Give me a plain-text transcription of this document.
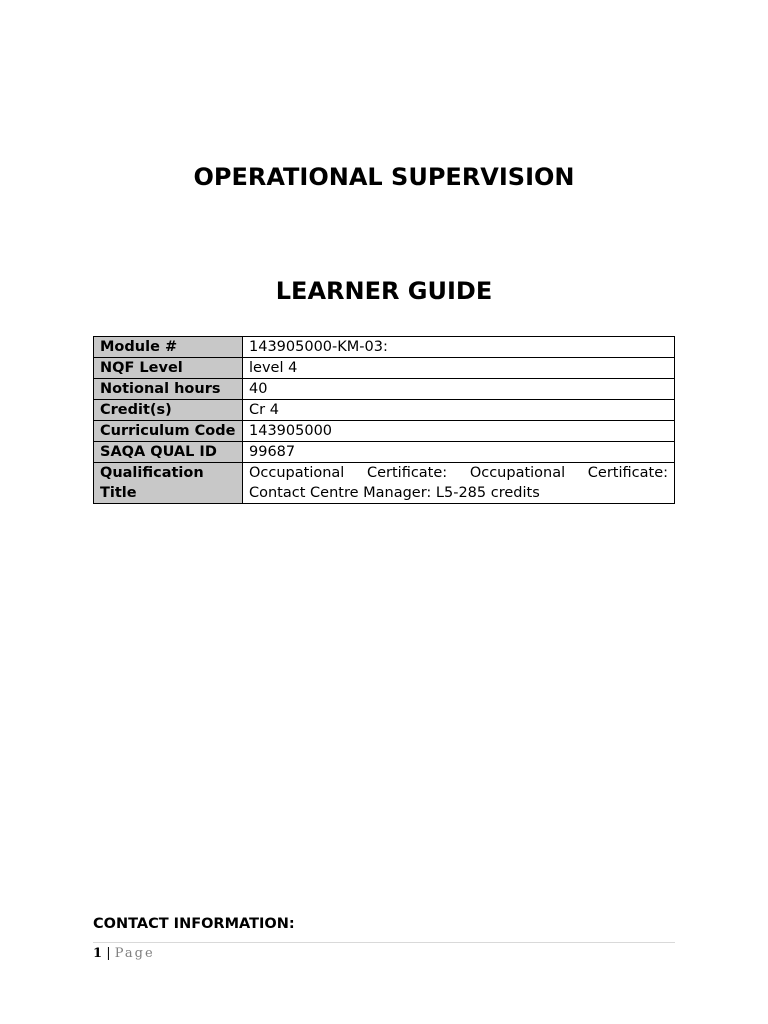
OPERATIONAL SUPERVISION
LEARNER GUIDE
Module #	143905000-KM-03:
NQF Level	level 4
Notional hours	40
Credit(s)	Cr 4
Curriculum Code	143905000
SAQA QUAL ID	99687
Qualification Title	Occupational Certificate: Occupational Certificate: Contact Centre Manager: L5-285 credits
CONTACT INFORMATION:
1 | Page
